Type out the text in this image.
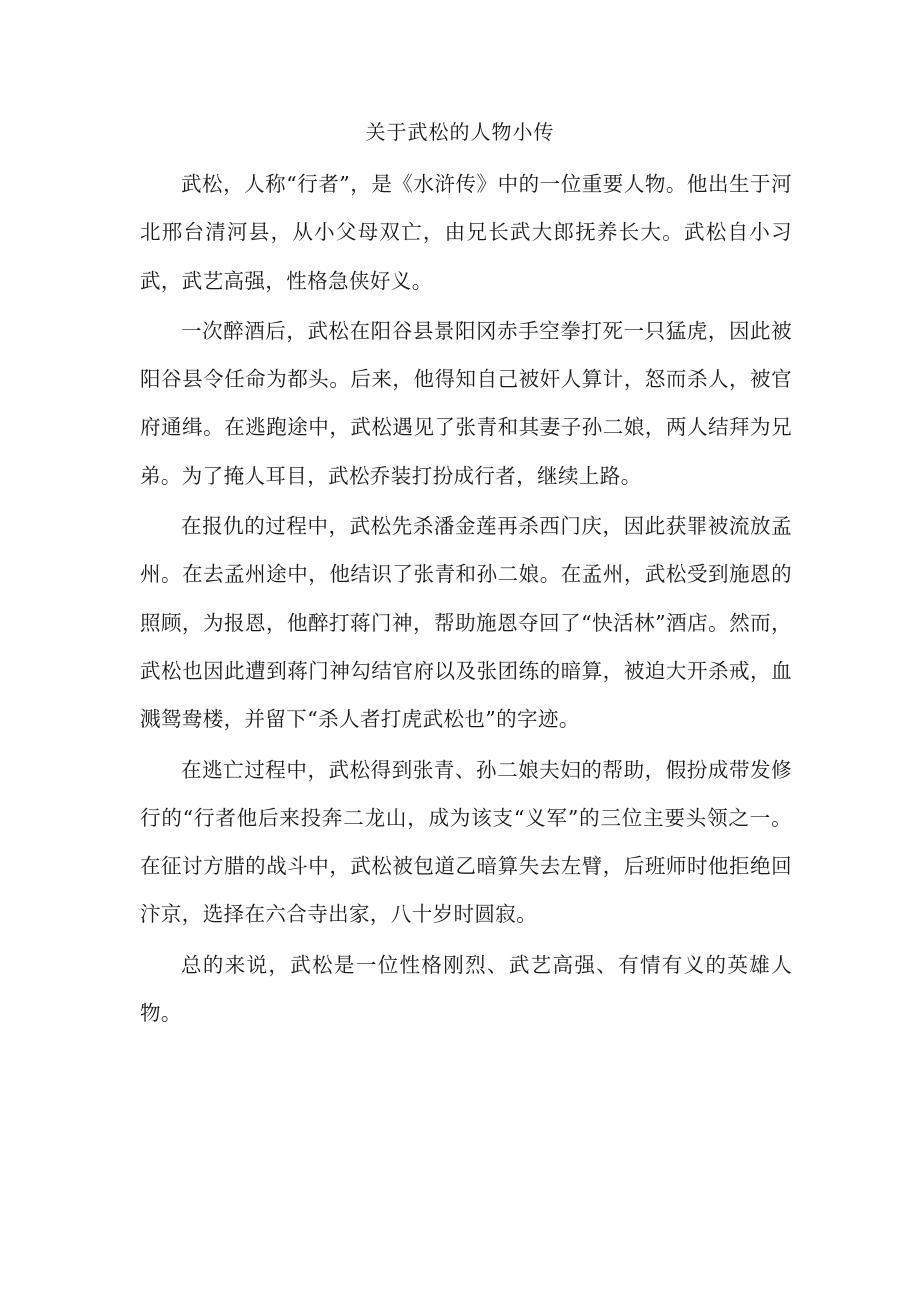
关于武松的人物小传

武松，人称“行者”，是《水浒传》中的一位重要人物。他出生于河北邢台清河县，从小父母双亡，由兄长武大郎抚养长大。武松自小习武，武艺高强，性格急侠好义。

一次醉酒后，武松在阳谷县景阳冈赤手空拳打死一只猛虎，因此被阳谷县令任命为都头。后来，他得知自己被奸人算计，怒而杀人，被官府通缉。在逃跑途中，武松遇见了张青和其妻子孙二娘，两人结拜为兄弟。为了掩人耳目，武松乔装打扮成行者，继续上路。

在报仇的过程中，武松先杀潘金莲再杀西门庆，因此获罪被流放孟州。在去孟州途中，他结识了张青和孙二娘。在孟州，武松受到施恩的照顾，为报恩，他醉打蒋门神，帮助施恩夺回了“快活林”酒店。然而，武松也因此遭到蒋门神勾结官府以及张团练的暗算，被迫大开杀戒，血溅鸳鸯楼，并留下“杀人者打虎武松也”的字迹。

在逃亡过程中，武松得到张青、孙二娘夫妇的帮助，假扮成带发修行的“行者他后来投奔二龙山，成为该支“义军”的三位主要头领之一。在征讨方腊的战斗中，武松被包道乙暗算失去左臂，后班师时他拒绝回汴京，选择在六合寺出家，八十岁时圆寂。

总的来说，武松是一位性格刚烈、武艺高强、有情有义的英雄人物。
